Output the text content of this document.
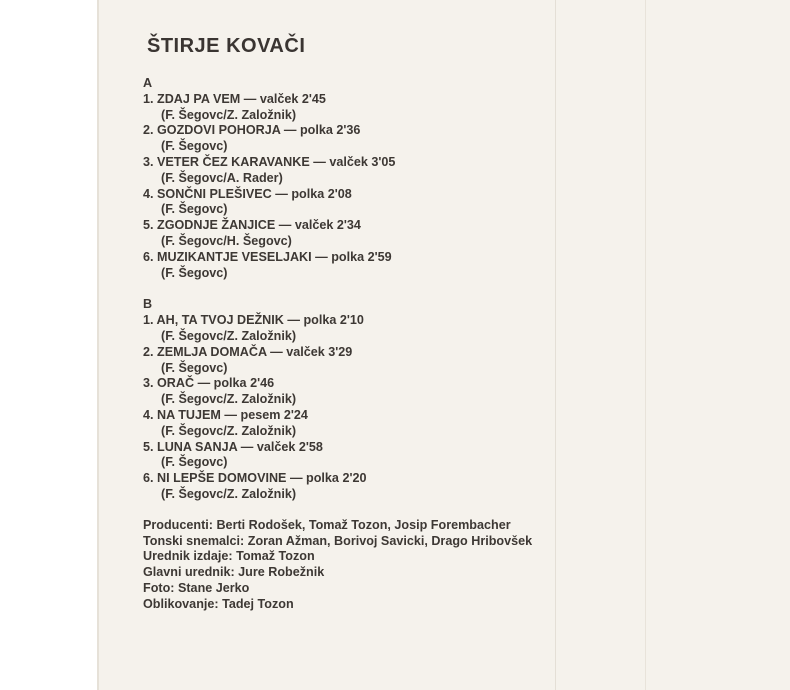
ŠTIRJE KOVAČI
A
1. ZDAJ PA VEM — valček 2'45
(F. Šegovc/Z. Založnik)
2. GOZDOVI POHORJA — polka 2'36
(F. Šegovc)
3. VETER ČEZ KARAVANKE — valček 3'05
(F. Šegovc/A. Rader)
4. SONČNI PLEŠIVEC — polka 2'08
(F. Šegovc)
5. ZGODNJE ŽANJICE — valček 2'34
(F. Šegovc/H. Šegovc)
6. MUZIKANTJE VESELJAKI — polka 2'59
(F. Šegovc)
B
1. AH, TA TVOJ DEŽNIK — polka 2'10
(F. Šegovc/Z. Založnik)
2. ZEMLJA DOMAČA — valček 3'29
(F. Šegovc)
3. ORAČ — polka 2'46
(F. Šegovc/Z. Založnik)
4. NA TUJEM — pesem 2'24
(F. Šegovc/Z. Založnik)
5. LUNA SANJA — valček 2'58
(F. Šegovc)
6. NI LEPŠE DOMOVINE — polka 2'20
(F. Šegovc/Z. Založnik)

Producenti: Berti Rodošek, Tomaž Tozon, Josip Forembacher

Tonski snemalci: Zoran Ažman, Borivoj Savicki, Drago Hribovšek

Urednik izdaje: Tomaž Tozon

Glavni urednik: Jure Robežnik

Foto: Stane Jerko

Oblikovanje: Tadej Tozon
